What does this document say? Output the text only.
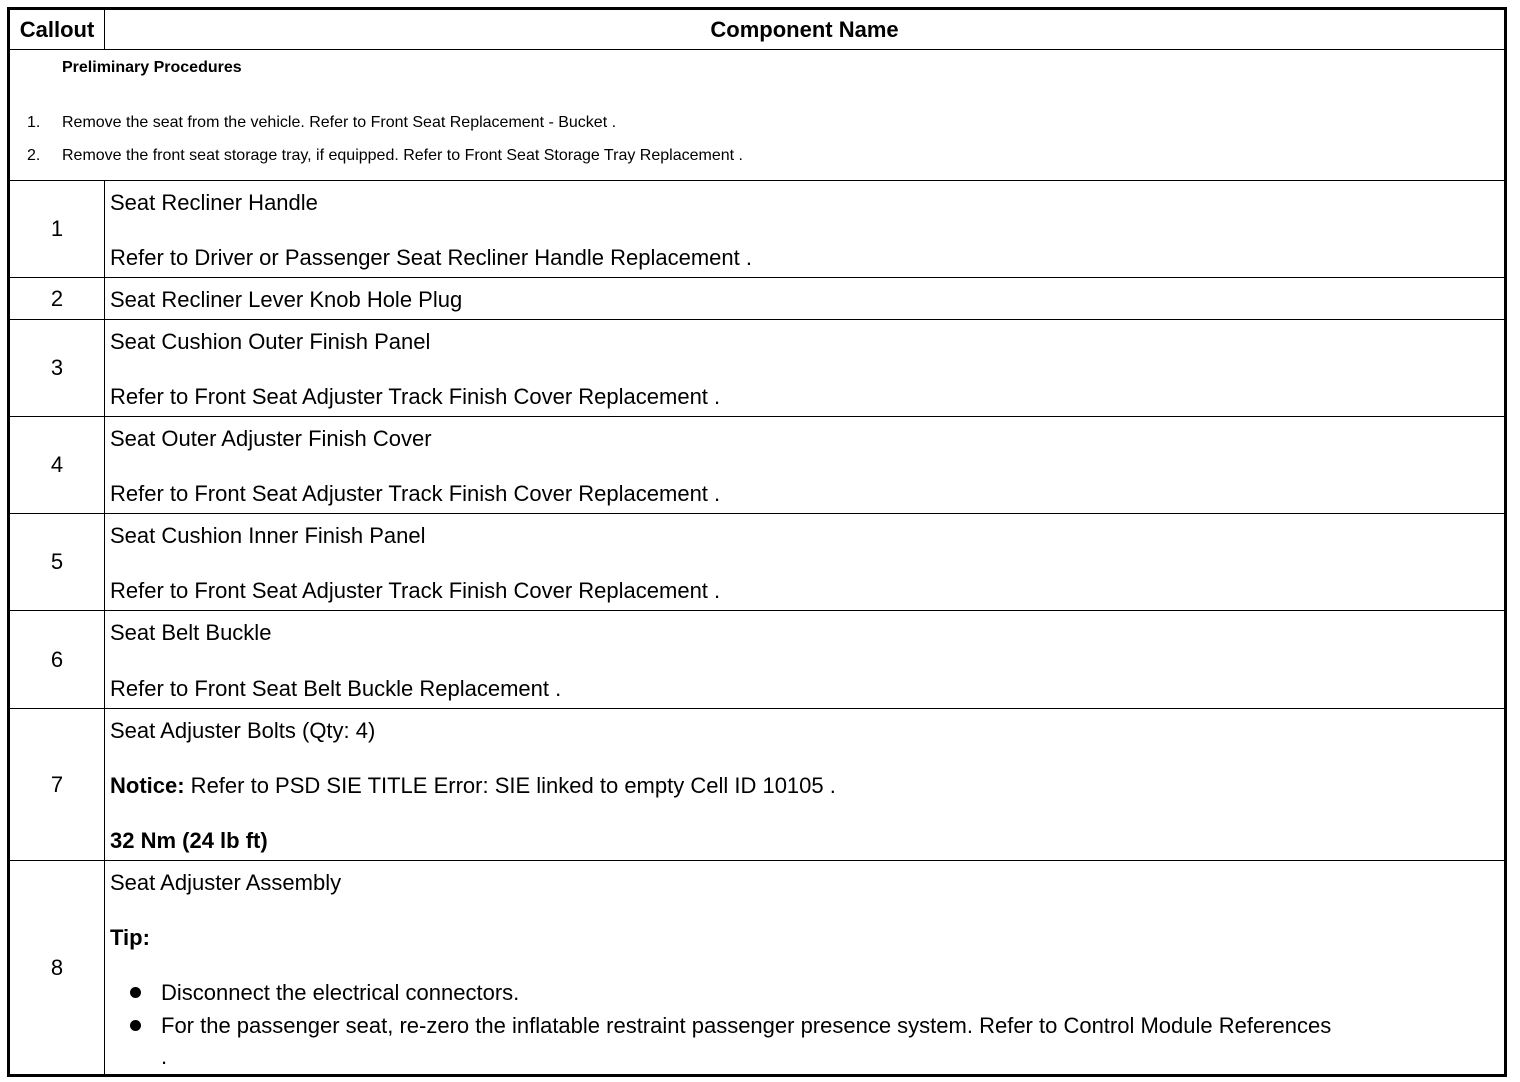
Callout	Component Name
Preliminary Procedures
1. Remove the seat from the vehicle. Refer to Front Seat Replacement - Bucket .
2. Remove the front seat storage tray, if equipped. Refer to Front Seat Storage Tray Replacement .
1
Seat Recliner Handle
Refer to Driver or Passenger Seat Recliner Handle Replacement .
2	Seat Recliner Lever Knob Hole Plug
3
Seat Cushion Outer Finish Panel
Refer to Front Seat Adjuster Track Finish Cover Replacement .
4
Seat Outer Adjuster Finish Cover
Refer to Front Seat Adjuster Track Finish Cover Replacement .
5
Seat Cushion Inner Finish Panel
Refer to Front Seat Adjuster Track Finish Cover Replacement .
6
Seat Belt Buckle
Refer to Front Seat Belt Buckle Replacement .
7
Seat Adjuster Bolts (Qty: 4)
Notice: Refer to PSD SIE TITLE Error: SIE linked to empty Cell ID 10105 .
32 Nm (24 lb ft)
8
Seat Adjuster Assembly
Tip:
Disconnect the electrical connectors.
For the passenger seat, re-zero the inflatable restraint passenger presence system. Refer to Control Module References
.
